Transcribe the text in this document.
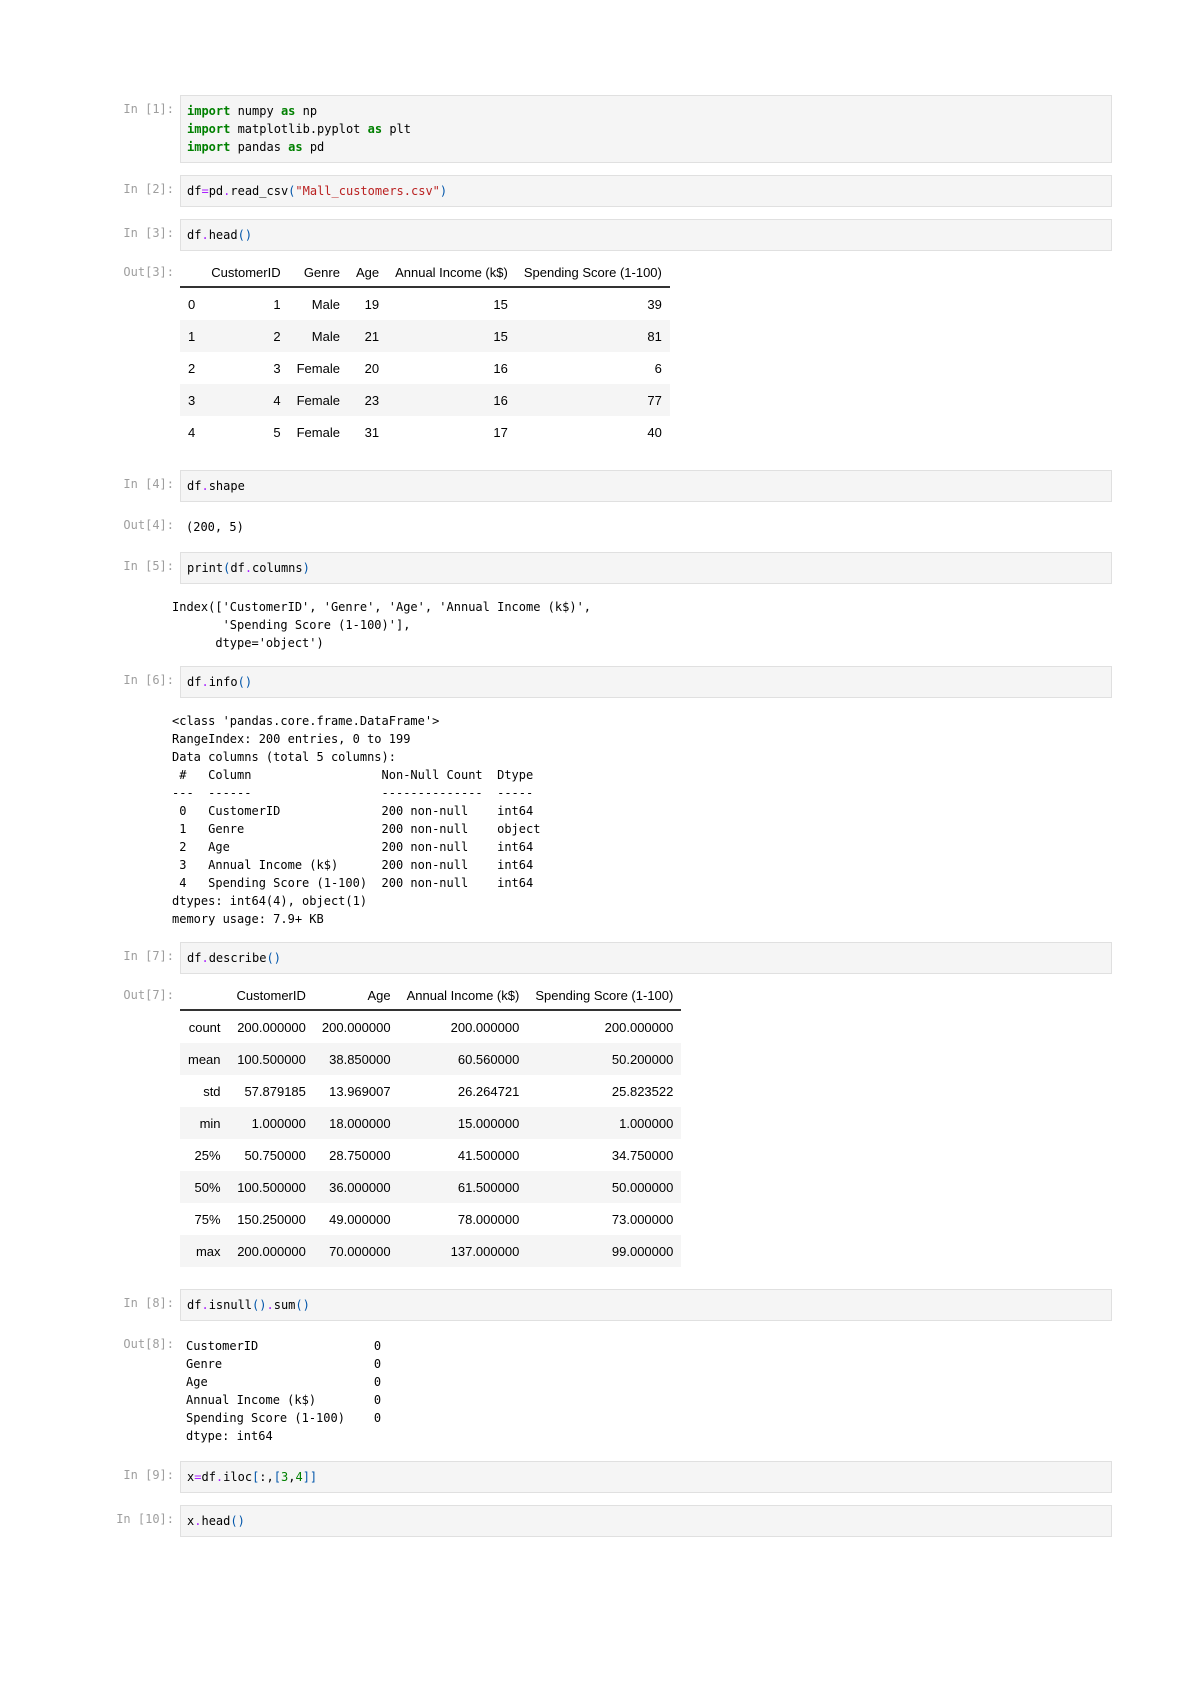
In [1]: import numpy as np
import matplotlib.pyplot as plt
import pandas as pd
In [2]: df=pd.read_csv("Mall_customers.csv")
In [3]: df.head()
Out[3]:
		CustomerID	Genre	Age	Annual Income (k$)	Spending Score (1-100)
0	1	Male	19	15	39
1	2	Male	21	15	81
2	3	Female	20	16	6
3	4	Female	23	16	77
4	5	Female	31	17	40
In [4]: df.shape
Out[4]:	(200, 5)
In [5]: print(df.columns)
Index(['CustomerID', 'Genre', 'Age', 'Annual Income (k$)',
'Spending Score (1-100)'],
dtype='object')
In [6]: df.info()
<class 'pandas.core.frame.DataFrame'>
RangeIndex: 200 entries, 0 to 199
Data columns (total 5 columns):
#   Column                  Non-Null Count  Dtype
---  ------                  --------------  -----
0   CustomerID              200 non-null    int64
1   Genre                   200 non-null    object
2   Age                     200 non-null    int64
3   Annual Income (k$)      200 non-null    int64
4   Spending Score (1-100)  200 non-null    int64
dtypes: int64(4), object(1)
memory usage: 7.9+ KB
In [7]: df.describe()
Out[7]:
		CustomerID	Age	Annual Income (k$)	Spending Score (1-100)
count	200.000000	200.000000	200.000000	200.000000
mean	100.500000	38.850000	60.560000	50.200000
std	57.879185	13.969007	26.264721	25.823522
min	1.000000	18.000000	15.000000	1.000000
25%	50.750000	28.750000	41.500000	34.750000
50%	100.500000	36.000000	61.500000	50.000000
75%	150.250000	49.000000	78.000000	73.000000
max	200.000000	70.000000	137.000000	99.000000
In [8]: df.isnull().sum()
Out[8]:	CustomerID                0
Genre                     0
Age                       0
Annual Income (k$)        0
Spending Score (1-100)    0
dtype: int64
In [9]: x=df.iloc[:,[3,4]]
In [10]: x.head()
